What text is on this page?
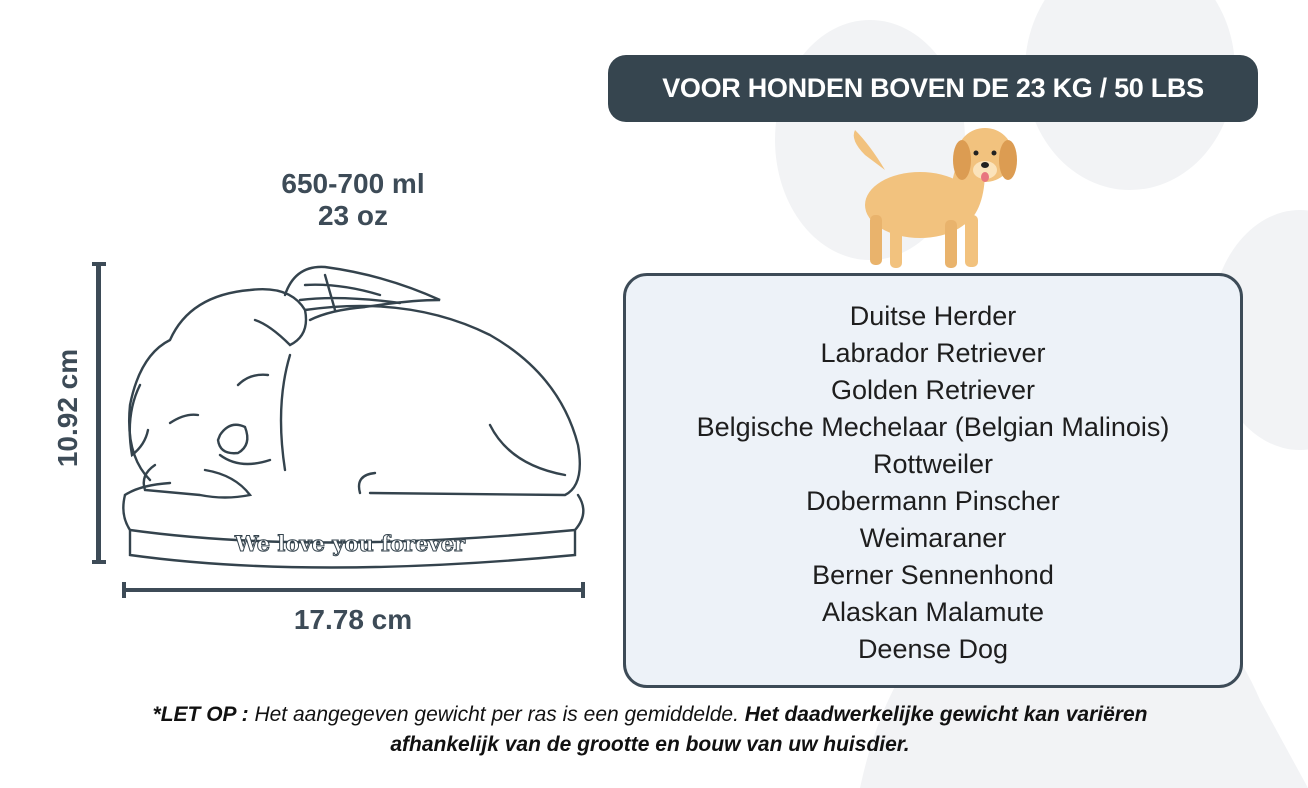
VOOR HONDEN BOVEN DE 23 KG / 50 LBS
Duitse Herder
Labrador Retriever
Golden Retriever
Belgische Mechelaar (Belgian Malinois)
Rottweiler
Dobermann Pinscher
Weimaraner
Berner Sennenhond
Alaskan Malamute
Deense Dog
650-700 ml
23 oz
10.92 cm
17.78 cm
We love you forever
*LET OP : Het aangegeven gewicht per ras is een gemiddelde. Het daadwerkelijke gewicht kan variëren afhankelijk van de grootte en bouw van uw huisdier.
